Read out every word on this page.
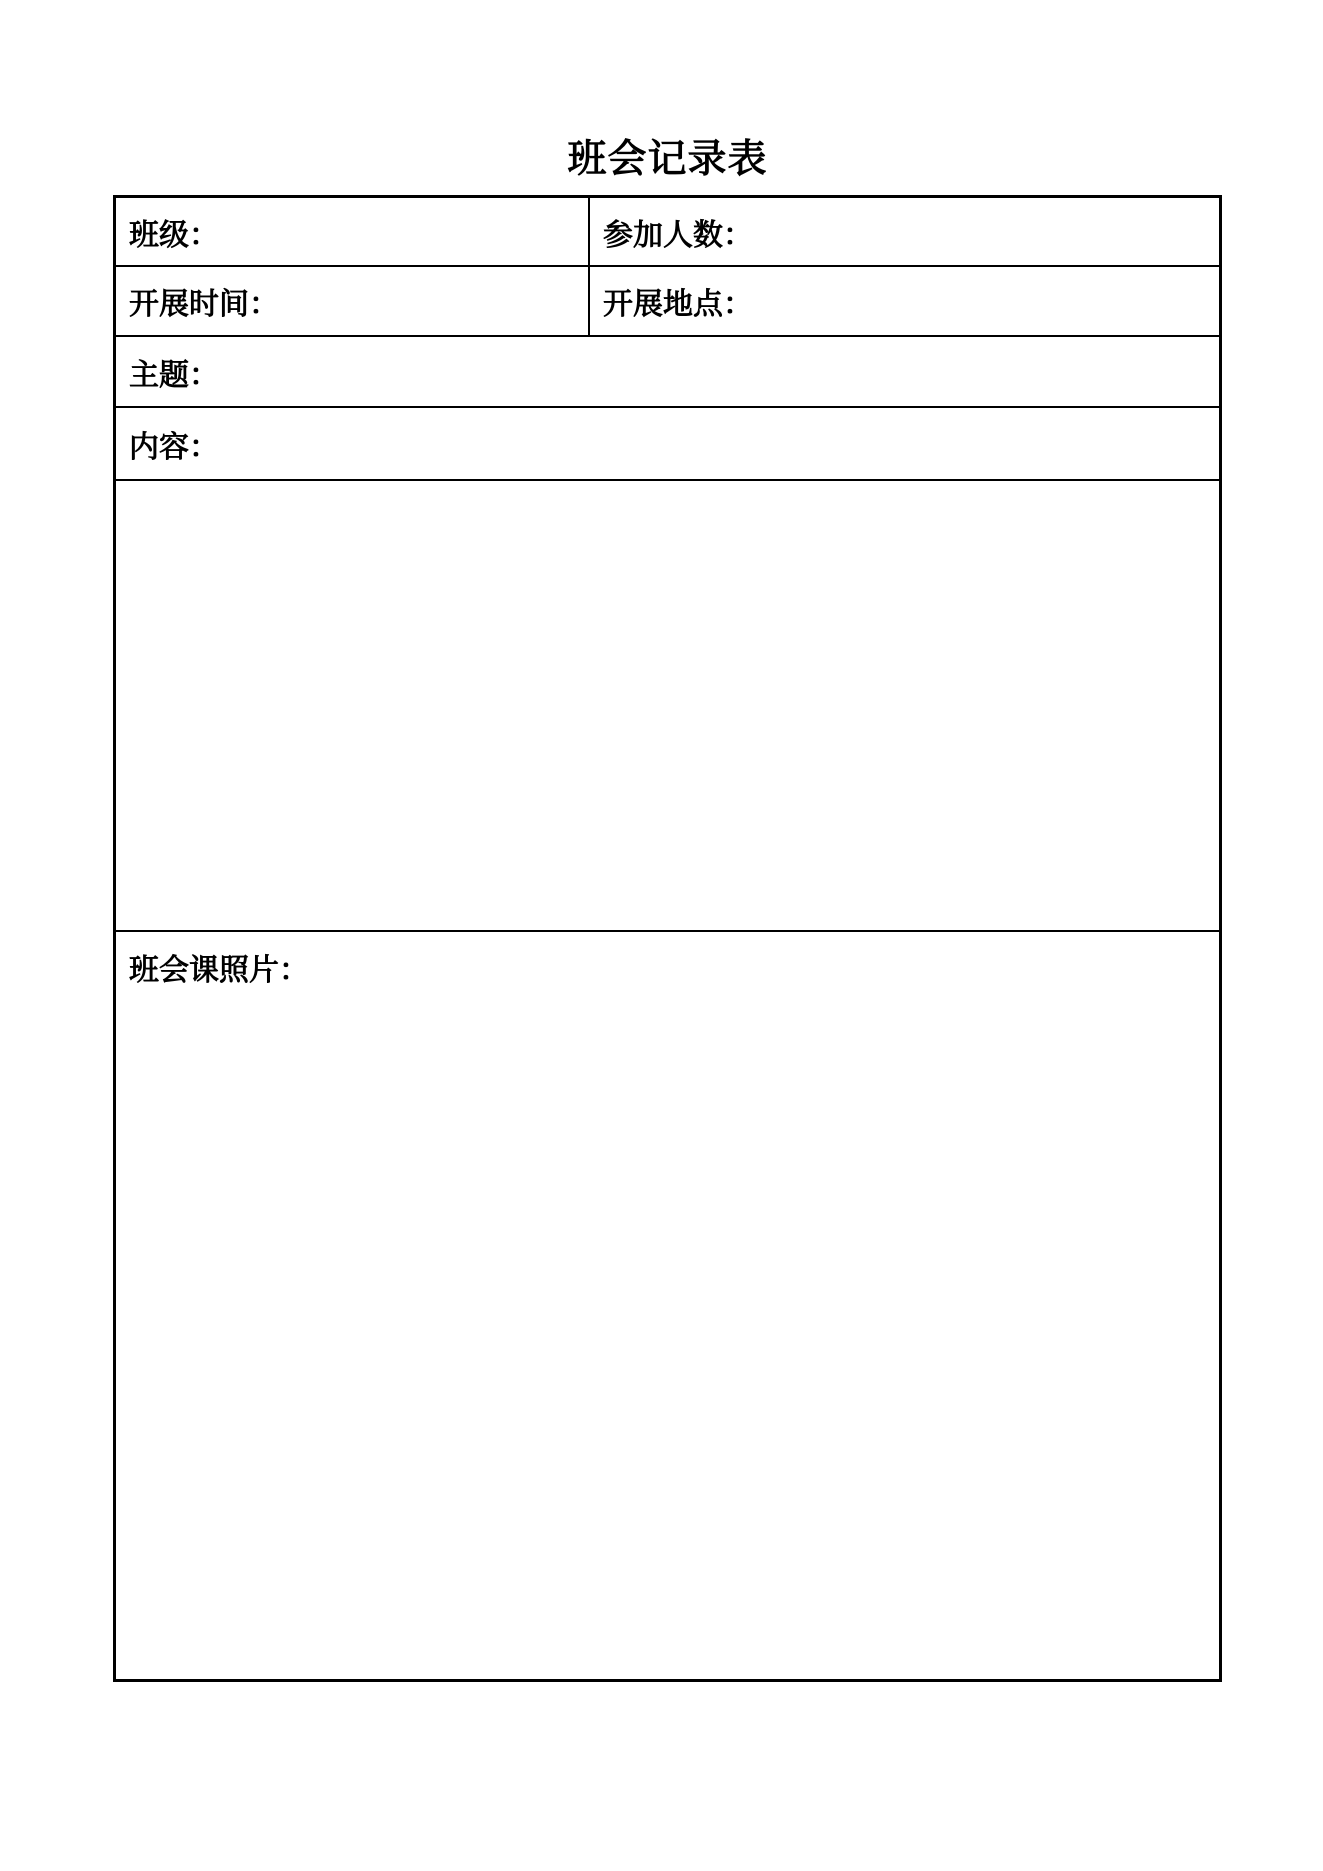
班会记录表
班级：	参加人数：
开展时间：	开展地点：
主题：
内容：
班会课照片：
